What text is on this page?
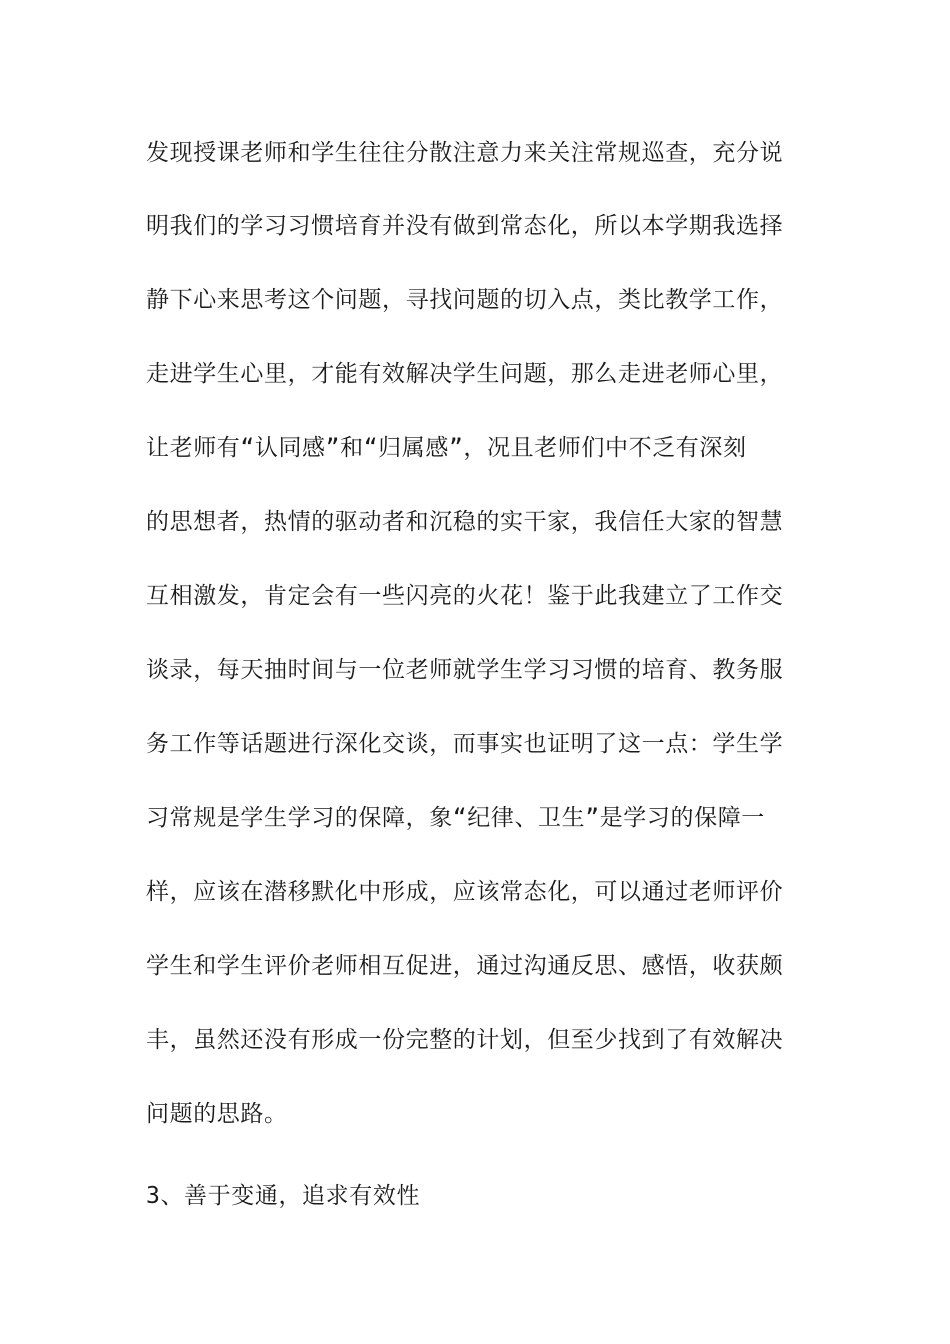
发现授课老师和学生往往分散注意力来关注常规巡查，充分说
明我们的学习习惯培育并没有做到常态化，所以本学期我选择
静下心来思考这个问题，寻找问题的切入点，类比教学工作，
走进学生心里，才能有效解决学生问题，那么走进老师心里，
让老师有“认同感”和“归属感”，况且老师们中不乏有深刻
的思想者，热情的驱动者和沉稳的实干家，我信任大家的智慧
互相激发，肯定会有一些闪亮的火花！鉴于此我建立了工作交
谈录，每天抽时间与一位老师就学生学习习惯的培育、教务服
务工作等话题进行深化交谈，而事实也证明了这一点：学生学
习常规是学生学习的保障，象“纪律、卫生”是学习的保障一
样，应该在潜移默化中形成，应该常态化，可以通过老师评价
学生和学生评价老师相互促进，通过沟通反思、感悟，收获颇
丰，虽然还没有形成一份完整的计划，但至少找到了有效解决
问题的思路。
3、善于变通，追求有效性
